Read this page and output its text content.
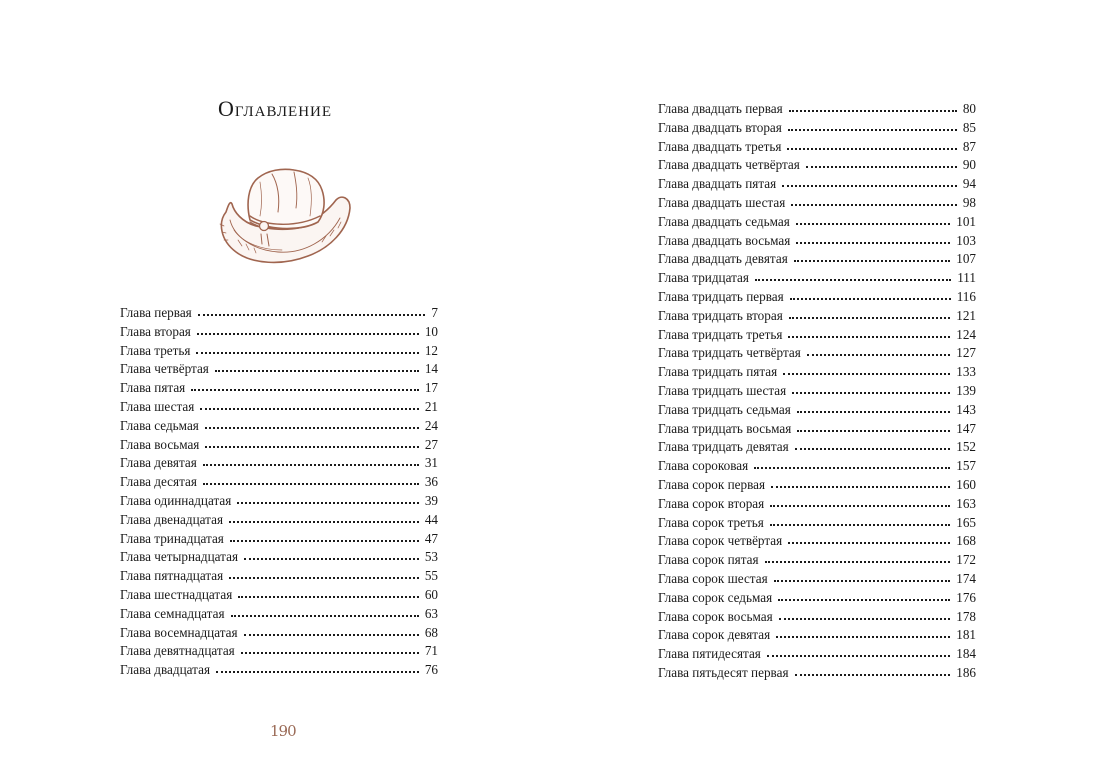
Оглавление
Глава первая	7
Глава вторая	10
Глава третья	12
Глава четвёртая	14
Глава пятая	17
Глава шестая	21
Глава седьмая	24
Глава восьмая	27
Глава девятая	31
Глава десятая	36
Глава одиннадцатая	39
Глава двенадцатая	44
Глава тринадцатая	47
Глава четырнадцатая	53
Глава пятнадцатая	55
Глава шестнадцатая	60
Глава семнадцатая	63
Глава восемнадцатая	68
Глава девятнадцатая	71
Глава двадцатая	76
190
Глава двадцать первая	80
Глава двадцать вторая	85
Глава двадцать третья	87
Глава двадцать четвёртая	90
Глава двадцать пятая	94
Глава двадцать шестая	98
Глава двадцать седьмая	101
Глава двадцать восьмая	103
Глава двадцать девятая	107
Глава тридцатая	111
Глава тридцать первая	116
Глава тридцать вторая	121
Глава тридцать третья	124
Глава тридцать четвёртая	127
Глава тридцать пятая	133
Глава тридцать шестая	139
Глава тридцать седьмая	143
Глава тридцать восьмая	147
Глава тридцать девятая	152
Глава сороковая	157
Глава сорок первая	160
Глава сорок вторая	163
Глава сорок третья	165
Глава сорок четвёртая	168
Глава сорок пятая	172
Глава сорок шестая	174
Глава сорок седьмая	176
Глава сорок восьмая	178
Глава сорок девятая	181
Глава пятидесятая	184
Глава пятьдесят первая	186
